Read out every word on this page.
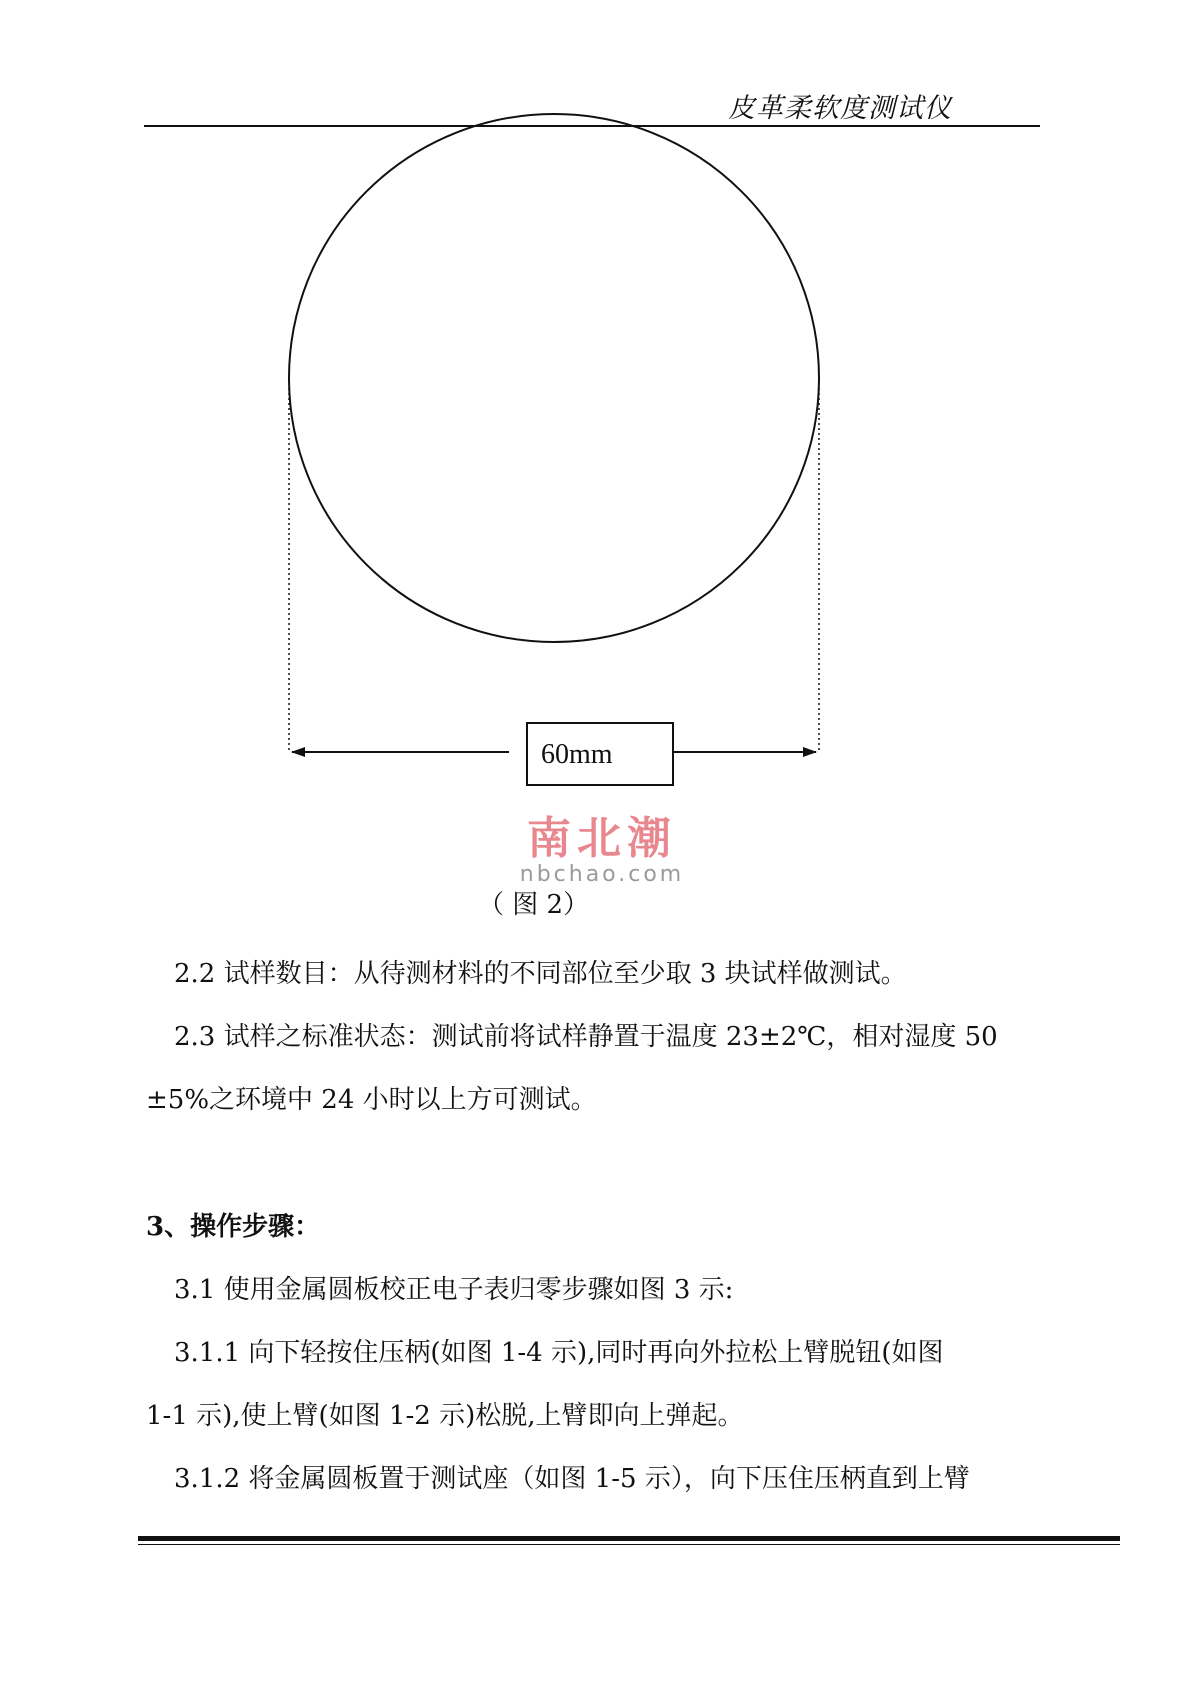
皮革柔软度测试仪
60mm
南北潮
nbchao.com
（ 图 2）
2.2 试样数目：从待测材料的不同部位至少取 3 块试样做测试。
2.3 试样之标准状态：测试前将试样静置于温度 23±2℃，相对湿度 50
±5%之环境中 24 小时以上方可测试。
3、操作步骤：
3.1 使用金属圆板校正电子表归零步骤如图 3 示:
3.1.1 向下轻按住压柄(如图 1-4 示),同时再向外拉松上臂脱钮(如图
1-1 示),使上臂(如图 1-2 示)松脱,上臂即向上弹起。
3.1.2 将金属圆板置于测试座（如图 1-5 示），向下压住压柄直到上臂
